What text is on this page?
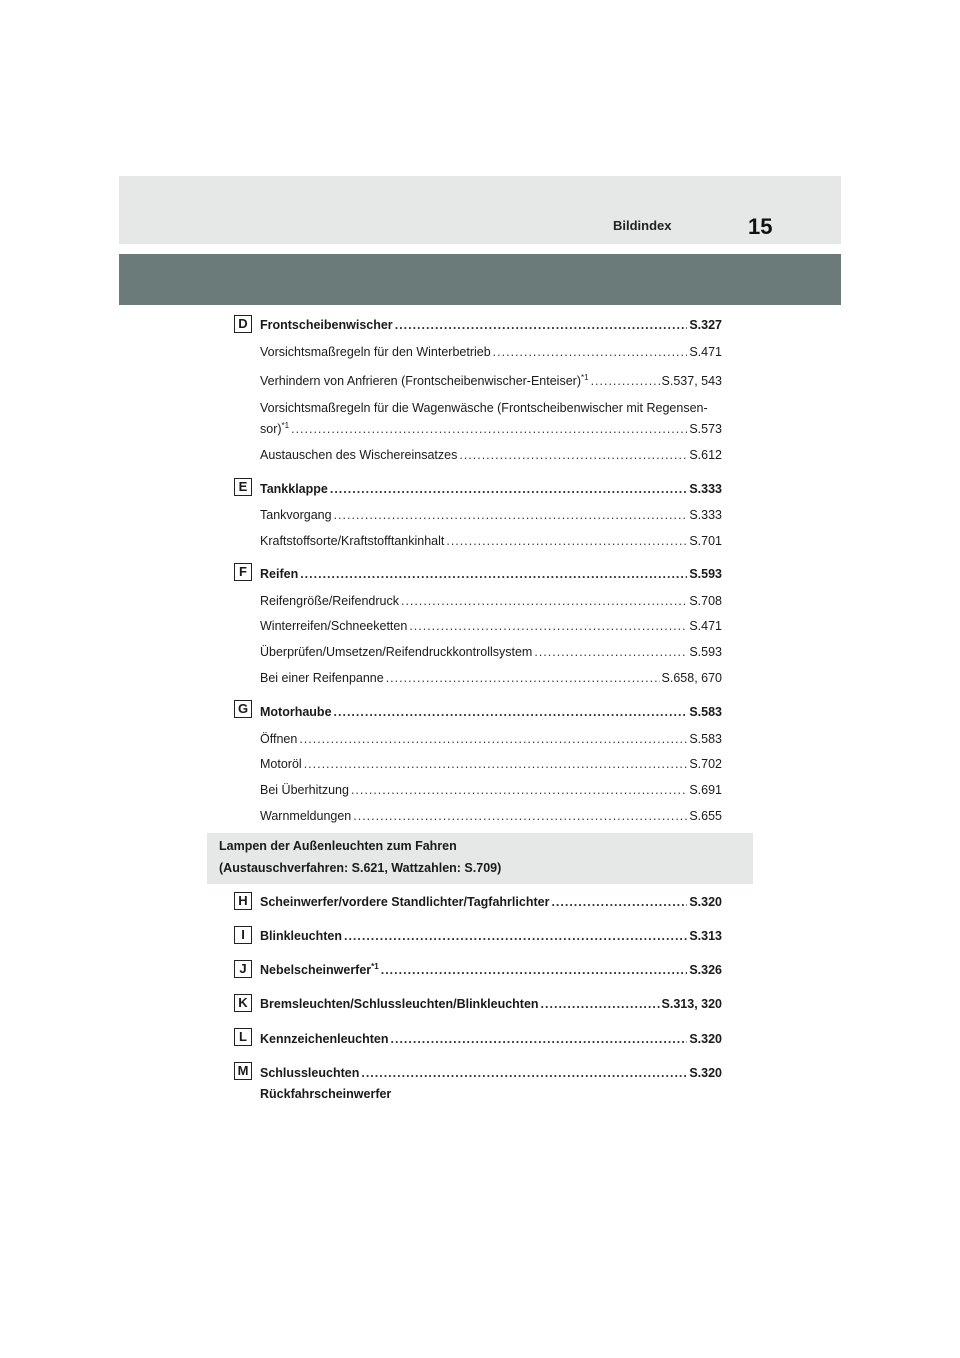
Bildindex	15
D Frontscheibenwischer .....	S.327
Vorsichtsmaßregeln für den Winterbetrieb .....	S.471
Verhindern von Anfrieren (Frontscheibenwischer-Enteiser)$^{*1}$ .....	S.537, 543
Vorsichtsmaßregeln für die Wagenwäsche (Frontscheibenwischer mit Regensen-
sor)$^{*1}$ .....	S.573
Austauschen des Wischereinsatzes .....	S.612
E	Tankklappe .....	S.333
Tankvorgang .....	S.333
Kraftstoffsorte/Kraftstofftankinhalt .....	S.701
F	Reifen .....	S.593
Reifengröße/Reifendruck .....	S.708
Winterreifen/Schneeketten .....	S.471
Überprüfen/Umsetzen/Reifendruckkontrollsystem .....	S.593
Bei einer Reifenpanne .....	S.658, 670
G Motorhaube .....	S.583
Öffnen .....	S.583
Motoröl .....	S.702
Bei Überhitzung .....	S.691
Warnmeldungen .....	S.655
Lampen der Außenleuchten zum Fahren
(Austauschverfahren: S.621, Wattzahlen: S.709)
H Scheinwerfer/vordere Standlichter/Tagfahrlichter .....	S.320
I	Blinkleuchten .....	S.313
J	Nebelscheinwerfer$^{*1}$ .....	S.326
K Bremsleuchten/Schlussleuchten/Blinkleuchten .....	S.313, 320
L	Kennzeichenleuchten .....	S.320
M Schlussleuchten .....	S.320
Rückfahrscheinwerfer
